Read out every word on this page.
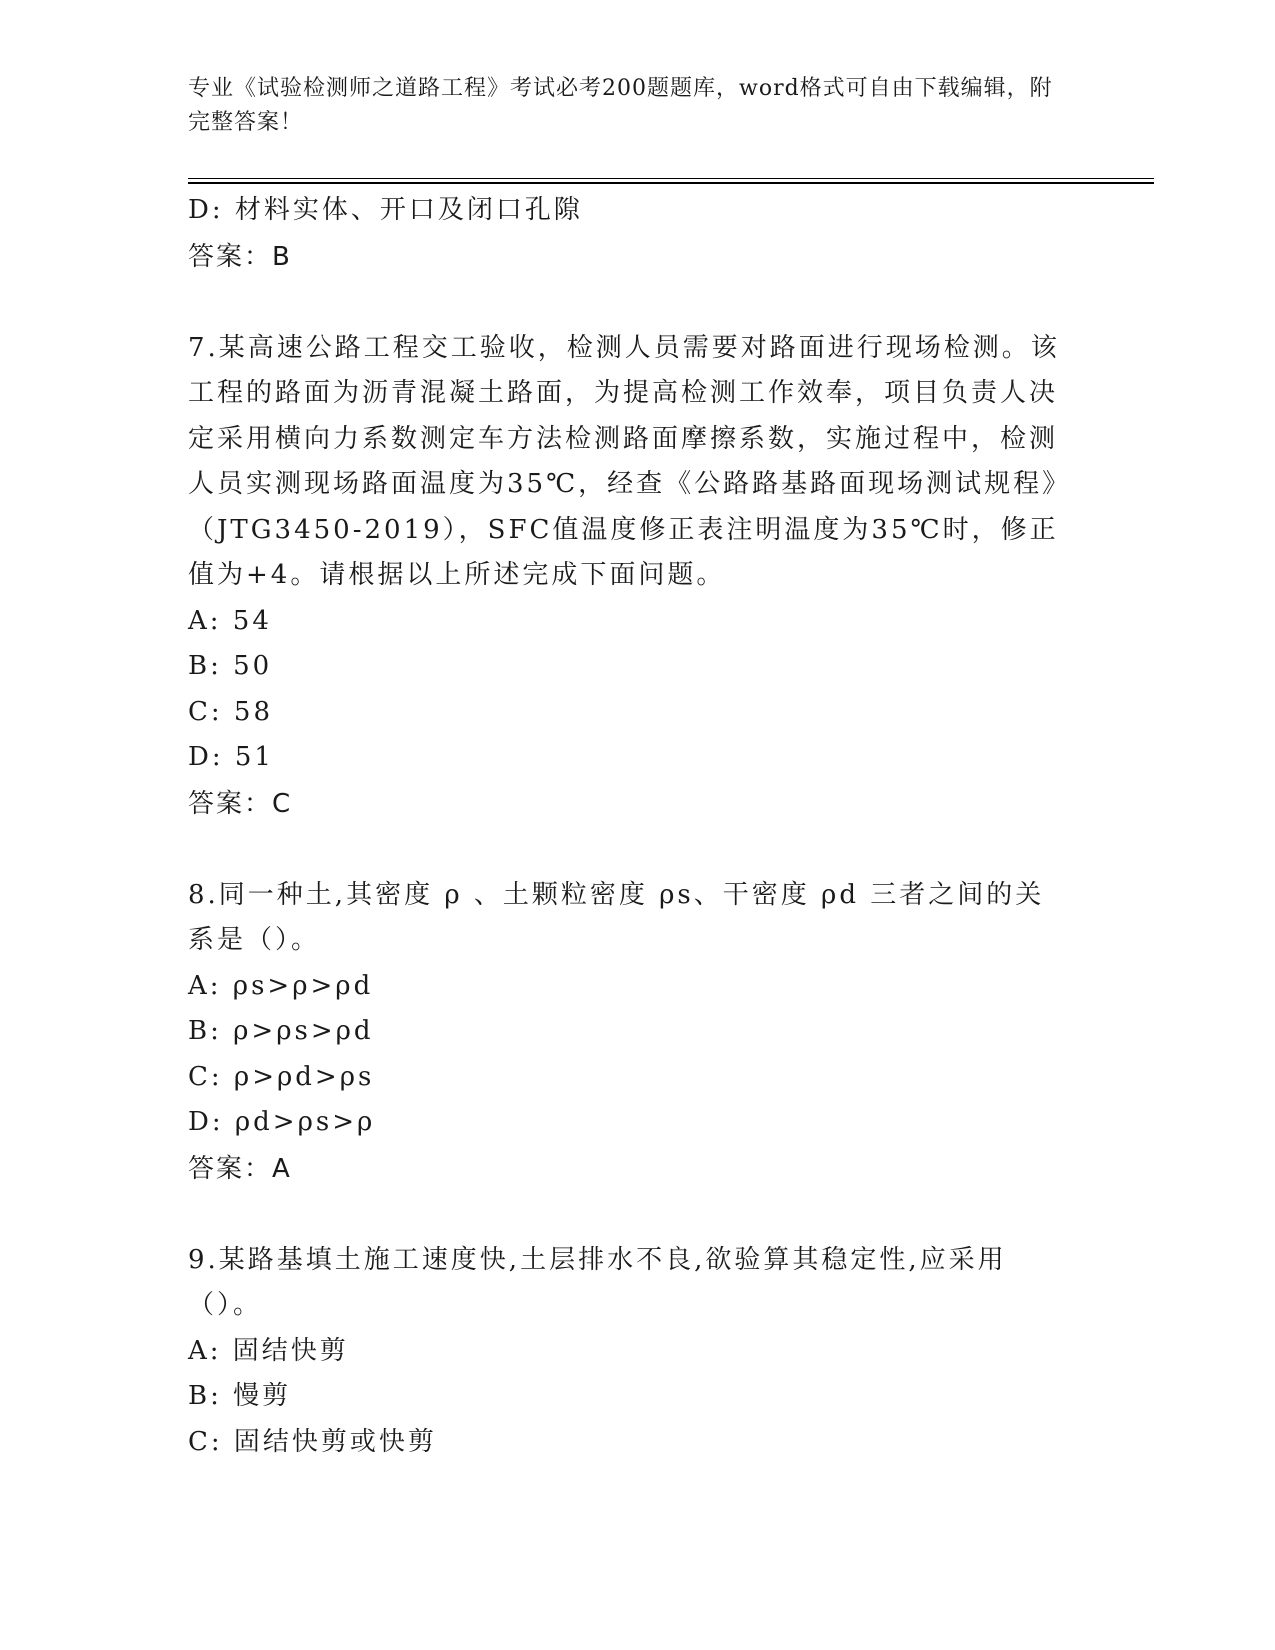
专业《试验检测师之道路工程》考试必考200题题库，word格式可自由下载编辑，附完整答案！

D: 材料实体、开口及闭口孔隙

答案：B

7.某高速公路工程交工验收，检测人员需要对路面进行现场检测。该工程的路面为沥青混凝土路面，为提高检测工作效奉，项目负责人决定采用横向力系数测定车方法检测路面摩擦系数，实施过程中，检测人员实测现场路面温度为35℃，经查《公路路基路面现场测试规程》（JTG3450-2019），SFC值温度修正表注明温度为35℃时，修正值为+4。请根据以上所述完成下面问题。

A: 54

B: 50

C: 58

D: 51

答案：C

8.同一种土,其密度 ρ 、土颗粒密度 ρs、干密度 ρd 三者之间的关系是（）。

A: ρs>ρ>ρd

B: ρ>ρs>ρd

C: ρ>ρd>ρs

D: ρd>ρs>ρ

答案：A

9.某路基填土施工速度快,土层排水不良,欲验算其稳定性,应采用（）。

A: 固结快剪

B: 慢剪

C: 固结快剪或快剪
